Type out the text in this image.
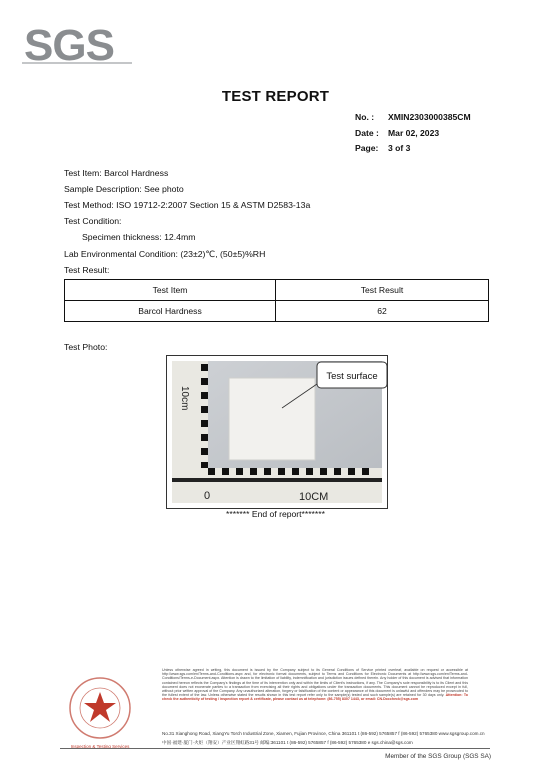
SGS
TEST REPORT
No. :	XMIN2303000385CM
Date :	Mar 02, 2023
Page:	3 of 3
Test Item: Barcol Hardness
Sample Description: See photo
Test Method: ISO 19712-2:2007 Section 15 & ASTM D2583-13a
Test Condition:
Specimen thickness: 12.4mm
Lab Environmental Condition: (23±2)℃, (50±5)%RH
Test Result:
Test Item	Test Result
Barcol Hardness	62
Test Photo:
10cm
0	10CM
Test surface
******* End of report*******
Inspection & Testing Services
Unless otherwise agreed in writing, this document is issued by the Company subject to its General Conditions of Service printed overleaf, available on request or accessible at http://www.sgs.com/en/Terms-and-Conditions.aspx and, for electronic format documents, subject to Terms and Conditions for Electronic Documents at http://www.sgs.com/en/Terms-and-Conditions/Terms-e-Document.aspx. Attention is drawn to the limitation of liability, indemnification and jurisdiction issues defined therein. Any holder of this document is advised that information contained hereon reflects the Company's findings at the time of its intervention only and within the limits of Client's instructions, if any. The Company's sole responsibility is to its Client and this document does not exonerate parties to a transaction from exercising all their rights and obligations under the transaction documents. This document cannot be reproduced except in full, without prior written approval of the Company. Any unauthorized alteration, forgery or falsification of the content or appearance of this document is unlawful and offenders may be prosecuted to the fullest extent of the law. Unless otherwise stated the results shown in this test report refer only to the sample(s) tested and such sample(s) are retained for 30 days only. Attention: To check the authenticity of testing / inspection report & certificate, please contact us at telephone: (86-755) 8307 1443, or email: CN.Doccheck@sgs.com
No.31 Xianghong Road, XiangYu Torch Industrial Zone, Xiamen, Fujian Province, China 361101 t (86-592) 5765857 f (86-592) 5765380 www.sgsgroup.com.cn
中国·福建·厦门·火炬（翔安）产业区翔虹路31号 邮编:361101 t (86-592) 5765857 f (86-592) 5765380 e sgs.china@sgs.com
Member of the SGS Group (SGS SA)
